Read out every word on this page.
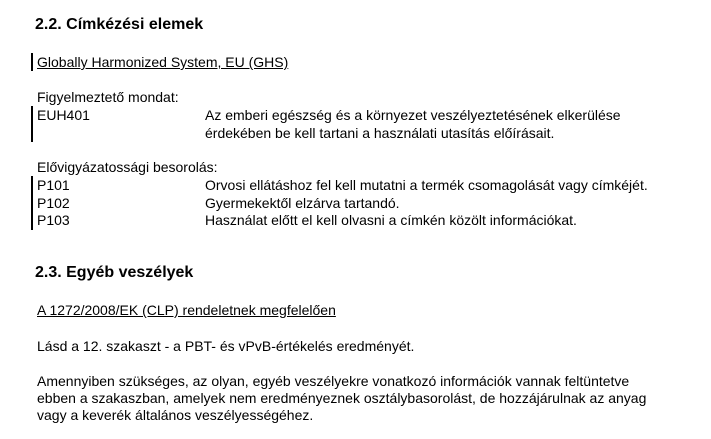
2.2. Címkézési elemek
Globally Harmonized System, EU (GHS)
Figyelmeztető mondat:
EUH401	Az emberi egészség és a környezet veszélyeztetésének elkerülése
érdekében be kell tartani a használati utasítás előírásait.
Elővigyázatossági besorolás:
P101	Orvosi ellátáshoz fel kell mutatni a termék csomagolását vagy címkéjét.
P102	Gyermekektől elzárva tartandó.
P103	Használat előtt el kell olvasni a címkén közölt információkat.
2.3. Egyéb veszélyek
A 1272/2008/EK (CLP) rendeletnek megfelelően
Lásd a 12. szakaszt - a PBT- és vPvB-értékelés eredményét.
Amennyiben szükséges, az olyan, egyéb veszélyekre vonatkozó információk vannak feltüntetve
ebben a szakaszban, amelyek nem eredményeznek osztálybasorolást, de hozzájárulnak az anyag
vagy a keverék általános veszélyességéhez.
